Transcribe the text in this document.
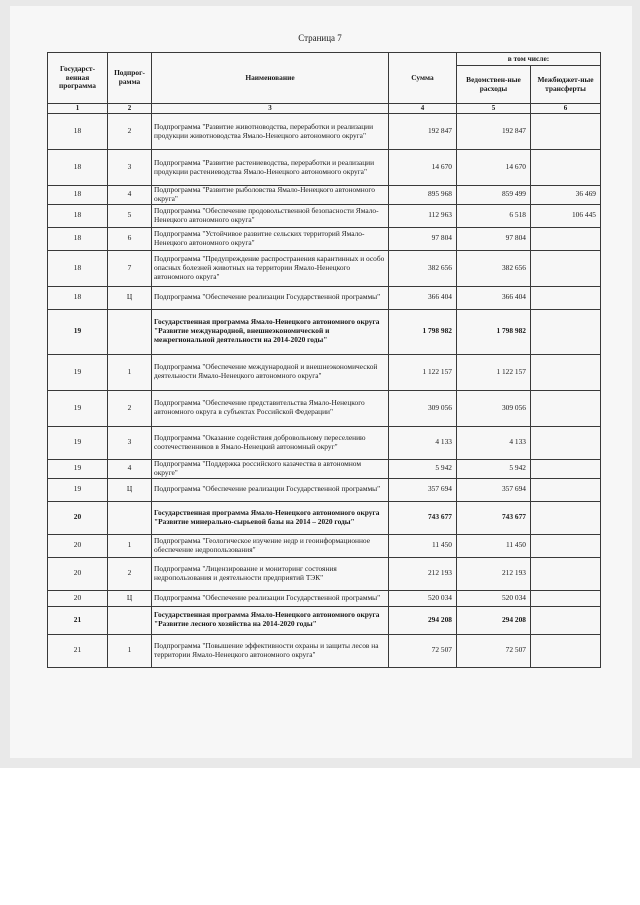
Страница 7
Государст-венная программа	Подпрог-рамма	Наименование	Сумма	в том числе:	
				Ведомствен-ные расходы	Межбюджет-ные трансферты
1	2	3	4	5	6
18	2	Подпрограмма "Развитие животноводства, переработки и реализации продукции животноводства Ямало-Ненецкого автономного округа"	192 847	192 847	
18	3	Подпрограмма "Развитие растениеводства, переработки и реализации продукции растениеводства Ямало-Ненецкого автономного округа"	14 670	14 670	
18	4	Подпрограмма "Развитие рыболовства Ямало-Ненецкого автономного округа"	895 968	859 499	36 469
18	5	Подпрограмма "Обеспечение продовольственной безопасности Ямало-Ненецкого автономного округа"	112 963	6 518	106 445
18	6	Подпрограмма "Устойчивое развитие сельских территорий Ямало-Ненецкого автономного округа"	97 804	97 804	
18	7	Подпрограмма "Предупреждение распространения карантинных и особо опасных болезней животных на территории Ямало-Ненецкого автономного округа"	382 656	382 656	
18	Ц	Подпрограмма "Обеспечение реализации Государственной программы"	366 404	366 404	
19		Государственная программа Ямало-Ненецкого автономного округа "Развитие международной, внешнеэкономической и межрегиональной деятельности на 2014-2020 годы"	1 798 982	1 798 982	
19	1	Подпрограмма "Обеспечение международной и внешнеэкономической деятельности Ямало-Ненецкого автономного округа"	1 122 157	1 122 157	
19	2	Подпрограмма "Обеспечение представительства Ямало-Ненецкого автономного округа в субъектах Российской Федерации"	309 056	309 056	
19	3	Подпрограмма "Оказание содействия добровольному переселению соотечественников в Ямало-Ненецкий автономный округ"	4 133	4 133	
19	4	Подпрограмма "Поддержка российского казачества в автономном округе"	5 942	5 942	
19	Ц	Подпрограмма "Обеспечение реализации Государственной программы"	357 694	357 694	
20		Государственная программа Ямало-Ненецкого автономного округа "Развитие минерально-сырьевой базы на 2014 – 2020 годы"	743 677	743 677	
20	1	Подпрограмма "Геологическое изучение недр и геоинформационное обеспечение недропользования"	11 450	11 450	
20	2	Подпрограмма "Лицензирование и мониторинг состояния недропользования и деятельности предприятий ТЭК"	212 193	212 193	
20	Ц	Подпрограмма "Обеспечение реализации Государственной программы"	520 034	520 034	
21		Государственная программа Ямало-Ненецкого автономного округа "Развитие лесного хозяйства на 2014-2020 годы"	294 208	294 208	
21	1	Подпрограмма "Повышение эффективности охраны и защиты лесов на территории Ямало-Ненецкого автономного округа"	72 507	72 507	
